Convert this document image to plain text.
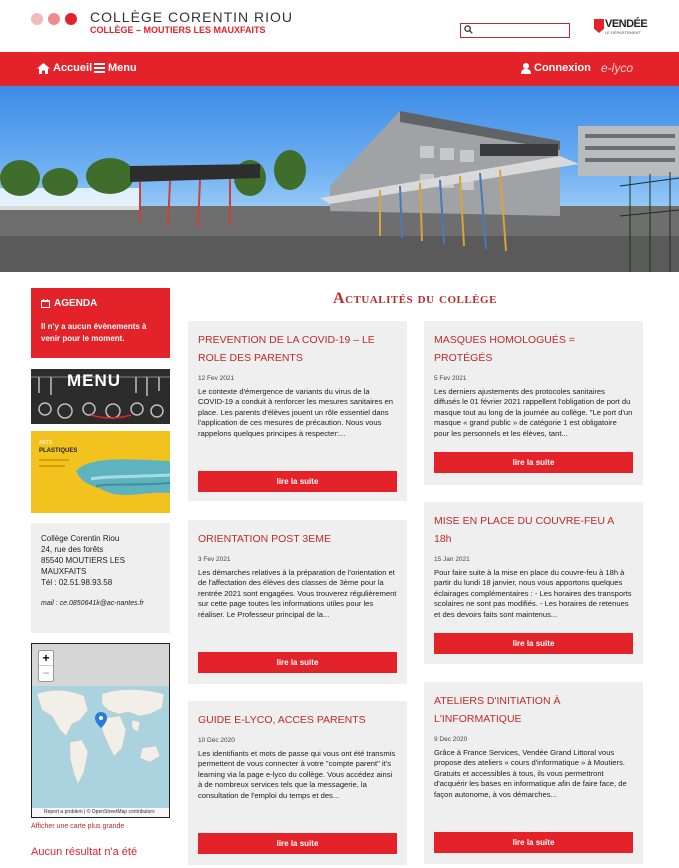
COLLÈGE CORENTIN RIOU
COLLÈGE – MOUTIERS LES MAUXFAITS	VENDÉE
LE DÉPARTEMENT
Accueil Menu	Connexion e-lyco
AGENDA
Il n'y a aucun évènements à venir pour le moment.
MENU
ARTS
PLASTIQUES
Collège Corentin Riou
24, rue des forêts
85540 MOUTIERS LES
MAUXFAITS
Tél : 02.51.98.93.58
mail : ce.0850641k@ac-nantes.fr
+
−
Report a problem | © OpenStreetMap contributors
Afficher une carte plus grande
Aucun résultat n'a été
Actualités du collège
PREVENTION DE LA COVID-19 – LE ROLE DES PARENTS
12 Fev 2021
Le contexte d'émergence de variants du virus de la COVID-19 a conduit à renforcer les mesures sanitaires en place. Les parents d'élèves jouent un rôle essentiel dans l'application de ces mesures de précaution. Nous vous rappelons quelques principes à respecter:...
lire la suite
ORIENTATION POST 3EME
3 Fev 2021
Les démarches relatives à la préparation de l'orientation et de l'affectation des élèves des classes de 3ème pour la rentrée 2021 sont engagées. Vous trouverez régulièrement sur cette page toutes les informations utiles pour les réaliser. Le Professeur principal de la...
lire la suite
GUIDE E-LYCO, ACCES PARENTS
10 Déc 2020
Les identifiants et mots de passe qui vous ont été transmis permettent de vous connecter à votre "compte parent" it's learning via la page e-lyco du collège. Vous accédez ainsi à de nombreux services tels que la messagerie, la consultation de l'emploi du temps et des...
lire la suite
MASQUES HOMOLOGUÉS = PROTÉGÉS
5 Fev 2021
Les derniers ajustements des protocoles sanitaires diffusés le 01 février 2021 rappellent l'obligation de port du masque tout au long de la journée au collège. "Le port d'un masque « grand public » de catégorie 1 est obligatoire pour les personnels et les élèves, tant...
lire la suite
MISE EN PLACE DU COUVRE-FEU A 18h
15 Jan 2021
Pour faire suite à la mise en place du couvre-feu à 18h à partir du lundi 18 janvier, nous vous apportons quelques éclairages complémentaires : - Les horaires des transports scolaires ne sont pas modifiés. - Les horaires de retenues et des devoirs faits sont maintenus...
lire la suite
ATELIERS D'INITIATION À L'INFORMATIQUE
9 Dec 2020
Grâce à France Services, Vendée Grand Littoral vous propose des ateliers « cours d'informatique » à Moutiers. Gratuits et accessibles à tous, ils vous permettront d'acquérir les bases en informatique afin de faire face, de façon autonome, à vos démarches...
lire la suite
